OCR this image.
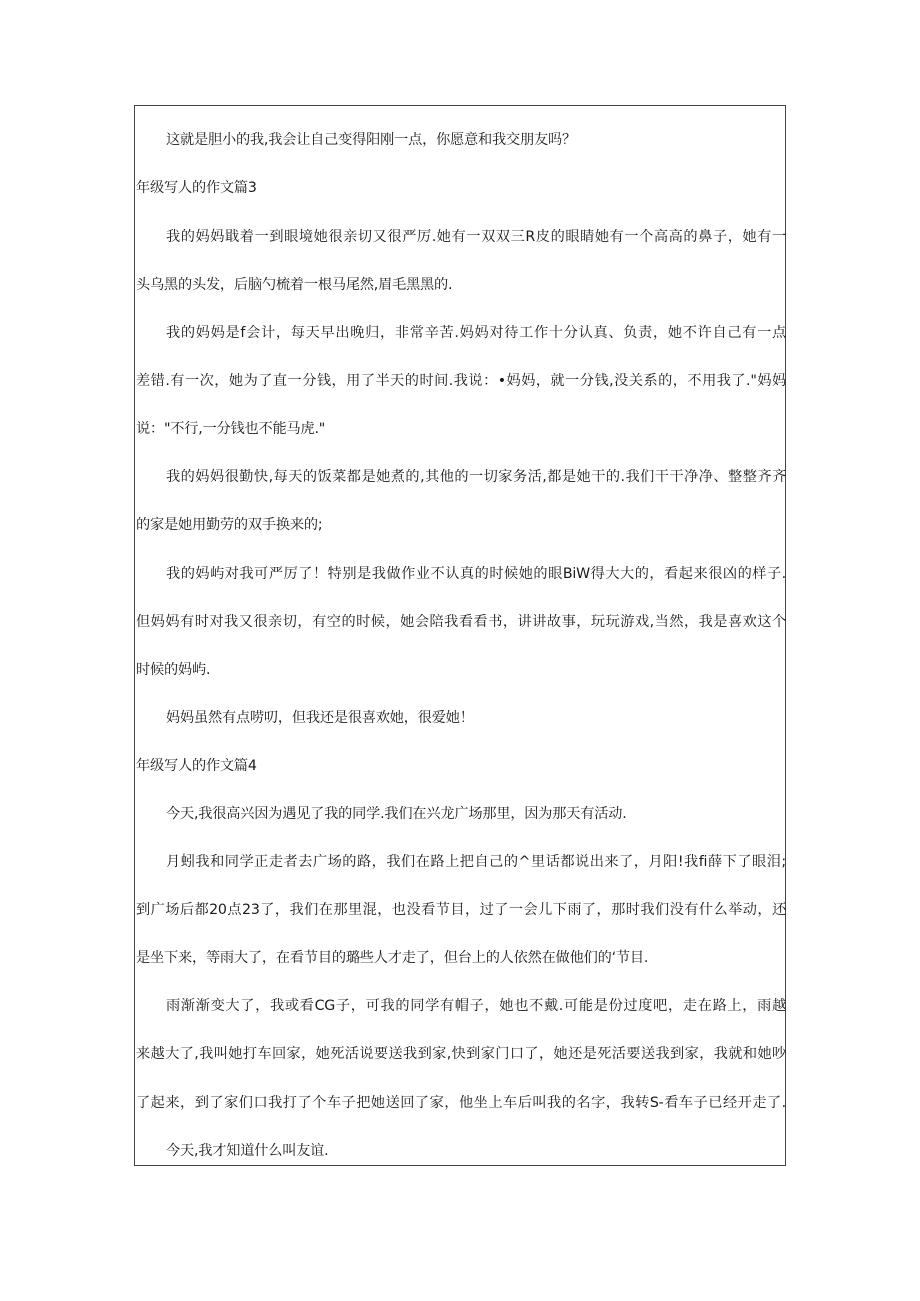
这就是胆小的我,我会让自己变得阳刚一点，你愿意和我交朋友吗？
年级写人的作文篇3
我的妈妈戢着一到眼境她很亲切又很严厉.她有一双双三R皮的眼睛她有一个高高的鼻子，她有一
头乌黑的头发，后脑勺梳着一根马尾然,眉毛黑黑的.
我的妈妈是f会计，每天早出晚归，非常辛苦.妈妈对待工作十分认真、负责，她不许自己有一点
差错.有一次，她为了直一分钱，用了半天的时间.我说：•妈妈，就一分钱,没关系的，不用我了."妈妈
说："不行,一分钱也不能马虎."
我的妈妈很勤快,每天的饭菜都是她煮的,其他的一切家务活,都是她干的.我们干干净净、整整齐齐
的家是她用勤劳的双手换来的;
我的妈屿对我可严厉了！特别是我做作业不认真的时候她的眼BiW得大大的，看起来很凶的样子.
但妈妈有时对我又很亲切，有空的时候，她会陪我看看书，讲讲故事，玩玩游戏,当然，我是喜欢这个
时候的妈屿.
妈妈虽然有点唠叨，但我还是很喜欢她，很爱她！
年级写人的作文篇4
今天,我很高兴因为遇见了我的同学.我们在兴龙广场那里，因为那天有活动.
月蚓我和同学正走者去广场的路，我们在路上把自己的^里话都说出来了，月阳!我fi薛下了眼泪;
到广场后都20点23了，我们在那里混，也没看节目，过了一会儿下雨了，那时我们没有什么举动，还
是坐下来，等雨大了，在看节目的璐些人才走了，但台上的人依然在做他们的‘节目.
雨渐渐变大了，我或看CG子，可我的同学有帽子，她也不戴.可能是份过度吧，走在路上，雨越
来越大了,我叫她打车回家，她死活说要送我到家,快到家门口了，她还是死活要送我到家，我就和她吵
了起来，到了家们口我打了个车子把她送回了家，他坐上车后叫我的名字，我转S-看车子已经开走了.
今天,我才知道什么叫友谊.
